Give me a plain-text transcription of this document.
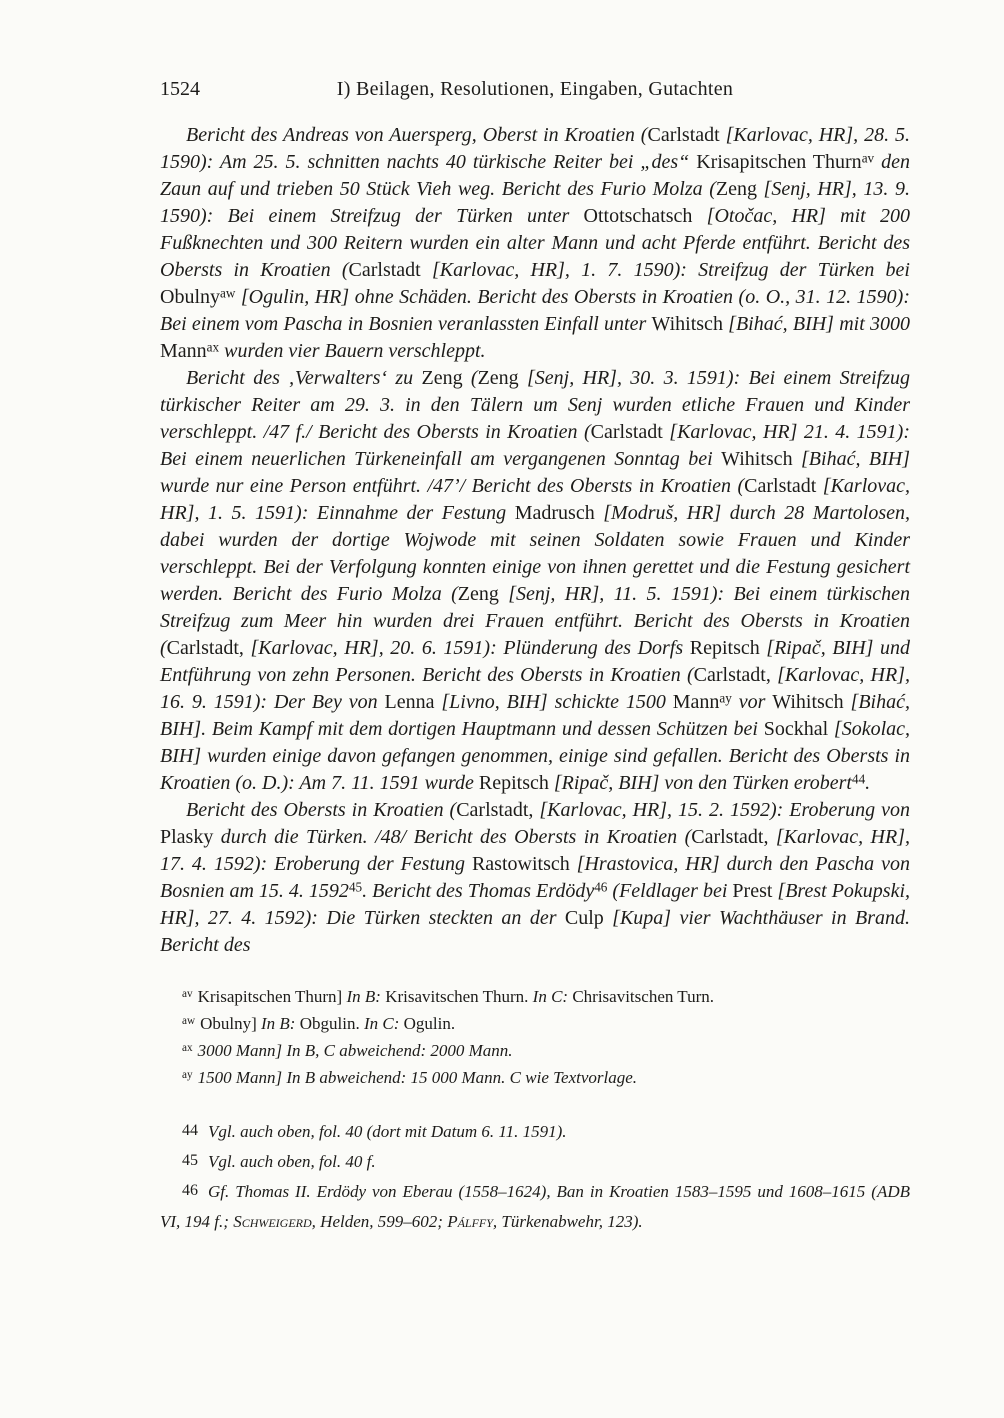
1524	I) Beilagen, Resolutionen, Eingaben, Gutachten

Bericht des Andreas von Auersperg, Oberst in Kroatien (Carlstadt [Karlovac, HR], 28. 5. 1590): Am 25. 5. schnitten nachts 40 türkische Reiter bei „des“ Krisapitschen Thurn$^{av}$ den Zaun auf und trieben 50 Stück Vieh weg. Bericht des Furio Molza (Zeng [Senj, HR], 13. 9. 1590): Bei einem Streifzug der Türken unter Ottotschatsch [Otočac, HR] mit 200 Fußknechten und 300 Reitern wurden ein alter Mann und acht Pferde entführt. Bericht des Obersts in Kroatien (Carlstadt [Karlovac, HR], 1. 7. 1590): Streifzug der Türken bei Obulny$^{aw}$ [Ogulin, HR] ohne Schäden. Bericht des Obersts in Kroatien (o. O., 31. 12. 1590): Bei einem vom Pascha in Bosnien veranlassten Einfall unter Wihitsch [Bihać, BIH] mit 3000 Mann$^{ax}$ wurden vier Bauern verschleppt.

Bericht des ‚Verwalters‘ zu Zeng (Zeng [Senj, HR], 30. 3. 1591): Bei einem Streifzug türkischer Reiter am 29. 3. in den Tälern um Senj wurden etliche Frauen und Kinder verschleppt. /47 f./ Bericht des Obersts in Kroatien (Carlstadt [Karlovac, HR] 21. 4. 1591): Bei einem neuerlichen Türkeneinfall am vergangenen Sonntag bei Wihitsch [Bihać, BIH] wurde nur eine Person entführt. /47’/ Bericht des Obersts in Kroatien (Carlstadt [Karlovac, HR], 1. 5. 1591): Einnahme der Festung Madrusch [Modruš, HR] durch 28 Martolosen, dabei wurden der dortige Wojwode mit seinen Soldaten sowie Frauen und Kinder verschleppt. Bei der Verfolgung konnten einige von ihnen gerettet und die Festung gesichert werden. Bericht des Furio Molza (Zeng [Senj, HR], 11. 5. 1591): Bei einem türkischen Streifzug zum Meer hin wurden drei Frauen entführt. Bericht des Obersts in Kroatien (Carlstadt, [Karlovac, HR], 20. 6. 1591): Plünderung des Dorfs Repitsch [Ripač, BIH] und Entführung von zehn Personen. Bericht des Obersts in Kroatien (Carlstadt, [Karlovac, HR], 16. 9. 1591): Der Bey von Lenna [Livno, BIH] schickte 1500 Mann$^{ay}$ vor Wihitsch [Bihać, BIH]. Beim Kampf mit dem dortigen Hauptmann und dessen Schützen bei Sockhal [Sokolac, BIH] wurden einige davon gefangen genommen, einige sind gefallen. Bericht des Obersts in Kroatien (o. D.): Am 7. 11. 1591 wurde Repitsch [Ripač, BIH] von den Türken erobert$^{44}$.

Bericht des Obersts in Kroatien (Carlstadt, [Karlovac, HR], 15. 2. 1592): Eroberung von Plasky durch die Türken. /48/ Bericht des Obersts in Kroatien (Carlstadt, [Karlovac, HR], 17. 4. 1592): Eroberung der Festung Rastowitsch [Hrastovica, HR] durch den Pascha von Bosnien am 15. 4. 1592$^{45}$. Bericht des Thomas Erdödy$^{46}$ (Feldlager bei Prest [Brest Pokupski, HR], 27. 4. 1592): Die Türken steckten an der Culp [Kupa] vier Wachthäuser in Brand. Bericht des

$^{av}$ Krisapitschen Thurn] In B: Krisavitschen Thurn. In C: Chrisavitschen Turn.

$^{aw}$ Obulny] In B: Obgulin. In C: Ogulin.

$^{ax}$ 3000 Mann] In B, C abweichend: 2000 Mann.

$^{ay}$ 1500 Mann] In B abweichend: 15 000 Mann. C wie Textvorlage.

44 Vgl. auch oben, fol. 40 (dort mit Datum 6. 11. 1591).

45 Vgl. auch oben, fol. 40 f.

46 Gf. Thomas II. Erdödy von Eberau (1558–1624), Ban in Kroatien 1583–1595 und 1608–1615 (ADB VI, 194 f.; Schweigerd, Helden, 599–602; Pálffy, Türkenabwehr, 123).
